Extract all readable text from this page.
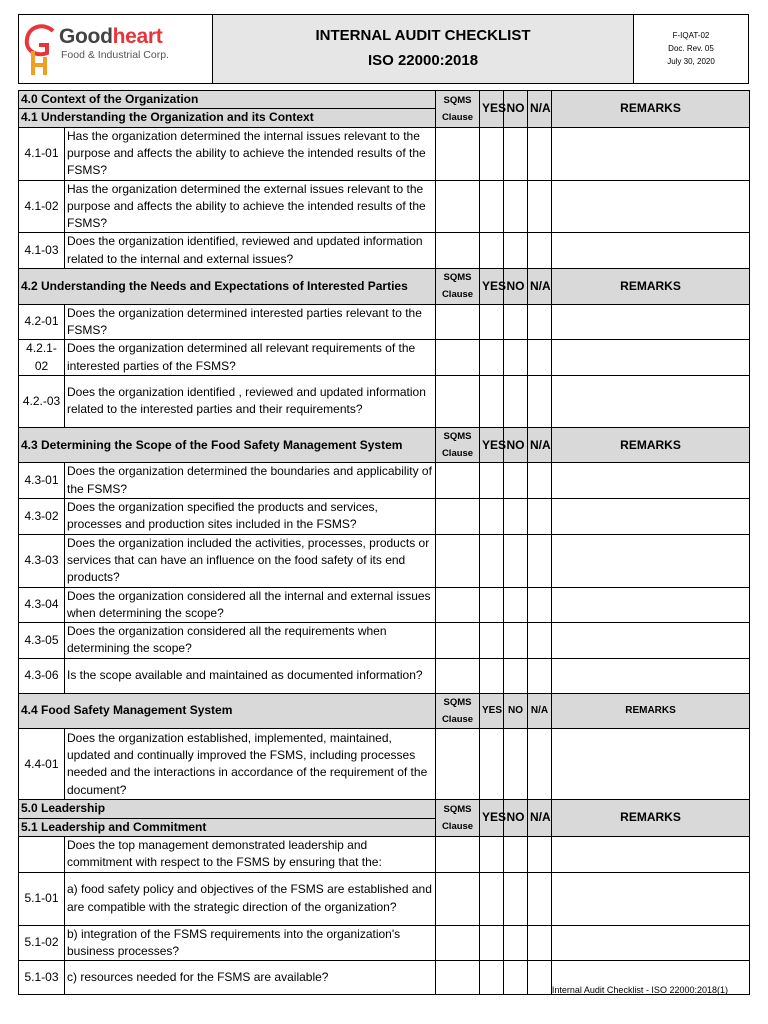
Goodheart
Food & Industrial Corp.
INTERNAL AUDIT CHECKLIST
ISO 22000:2018
F-IQAT-02
Doc. Rev. 05
July 30, 2020
4.0 Context of the Organization		SQMS
Clause	YES	NO	N/A	REMARKS
4.1 Understanding the Organization and its Context						
4.1-01	Has the organization determined the internal issues relevant to the purpose and affects the ability to achieve the intended results of the FSMS?					
4.1-02	Has the organization determined the external issues relevant to the purpose and affects the ability to achieve the intended results of the FSMS?					
4.1-03	Does the organization identified, reviewed and updated information related to the internal and external issues?					
4.2 Understanding the Needs and Expectations of Interested Parties		SQMS
Clause	YES	NO	N/A	REMARKS
4.2-01	Does the organization determined interested parties relevant to the FSMS?					
4.2.1-02	Does the organization determined all relevant requirements of the interested parties of the FSMS?					
4.2.-03	Does the organization identified , reviewed and updated information related to the interested parties and their requirements?					
4.3 Determining the Scope of the Food Safety Management System		SQMS
Clause	YES	NO	N/A	REMARKS
4.3-01	Does the organization determined the boundaries and applicability of the FSMS?					
4.3-02	Does the organization specified the products and services, processes and production sites included in the FSMS?					
4.3-03	Does the organization included the activities, processes, products or services that can have an influence on the food safety of its end products?					
4.3-04	Does the organization considered all the internal and external issues when determining the scope?					
4.3-05	Does the organization considered all the requirements when determining the scope?					
4.3-06	Is the scope available and maintained as documented information?					
4.4 Food Safety Management System		SQMS
Clause	YES	NO	N/A	REMARKS
4.4-01	Does the organization established, implemented, maintained, updated and continually improved the FSMS, including processes needed and the interactions in accordance of the requirement of the document?					
5.0 Leadership		SQMS
Clause	YES	NO	N/A	REMARKS
5.1 Leadership and Commitment						
	Does the top management demonstrated leadership and commitment with respect to the FSMS by ensuring that the:					
5.1-01	a) food safety policy and objectives of the FSMS are established and are compatible with the strategic direction of the organization?					
5.1-02	b) integration of the FSMS requirements into the organization's business processes?					
5.1-03	c) resources needed for the FSMS are available?					
Internal Audit Checklist - ISO 22000:2018(1)
